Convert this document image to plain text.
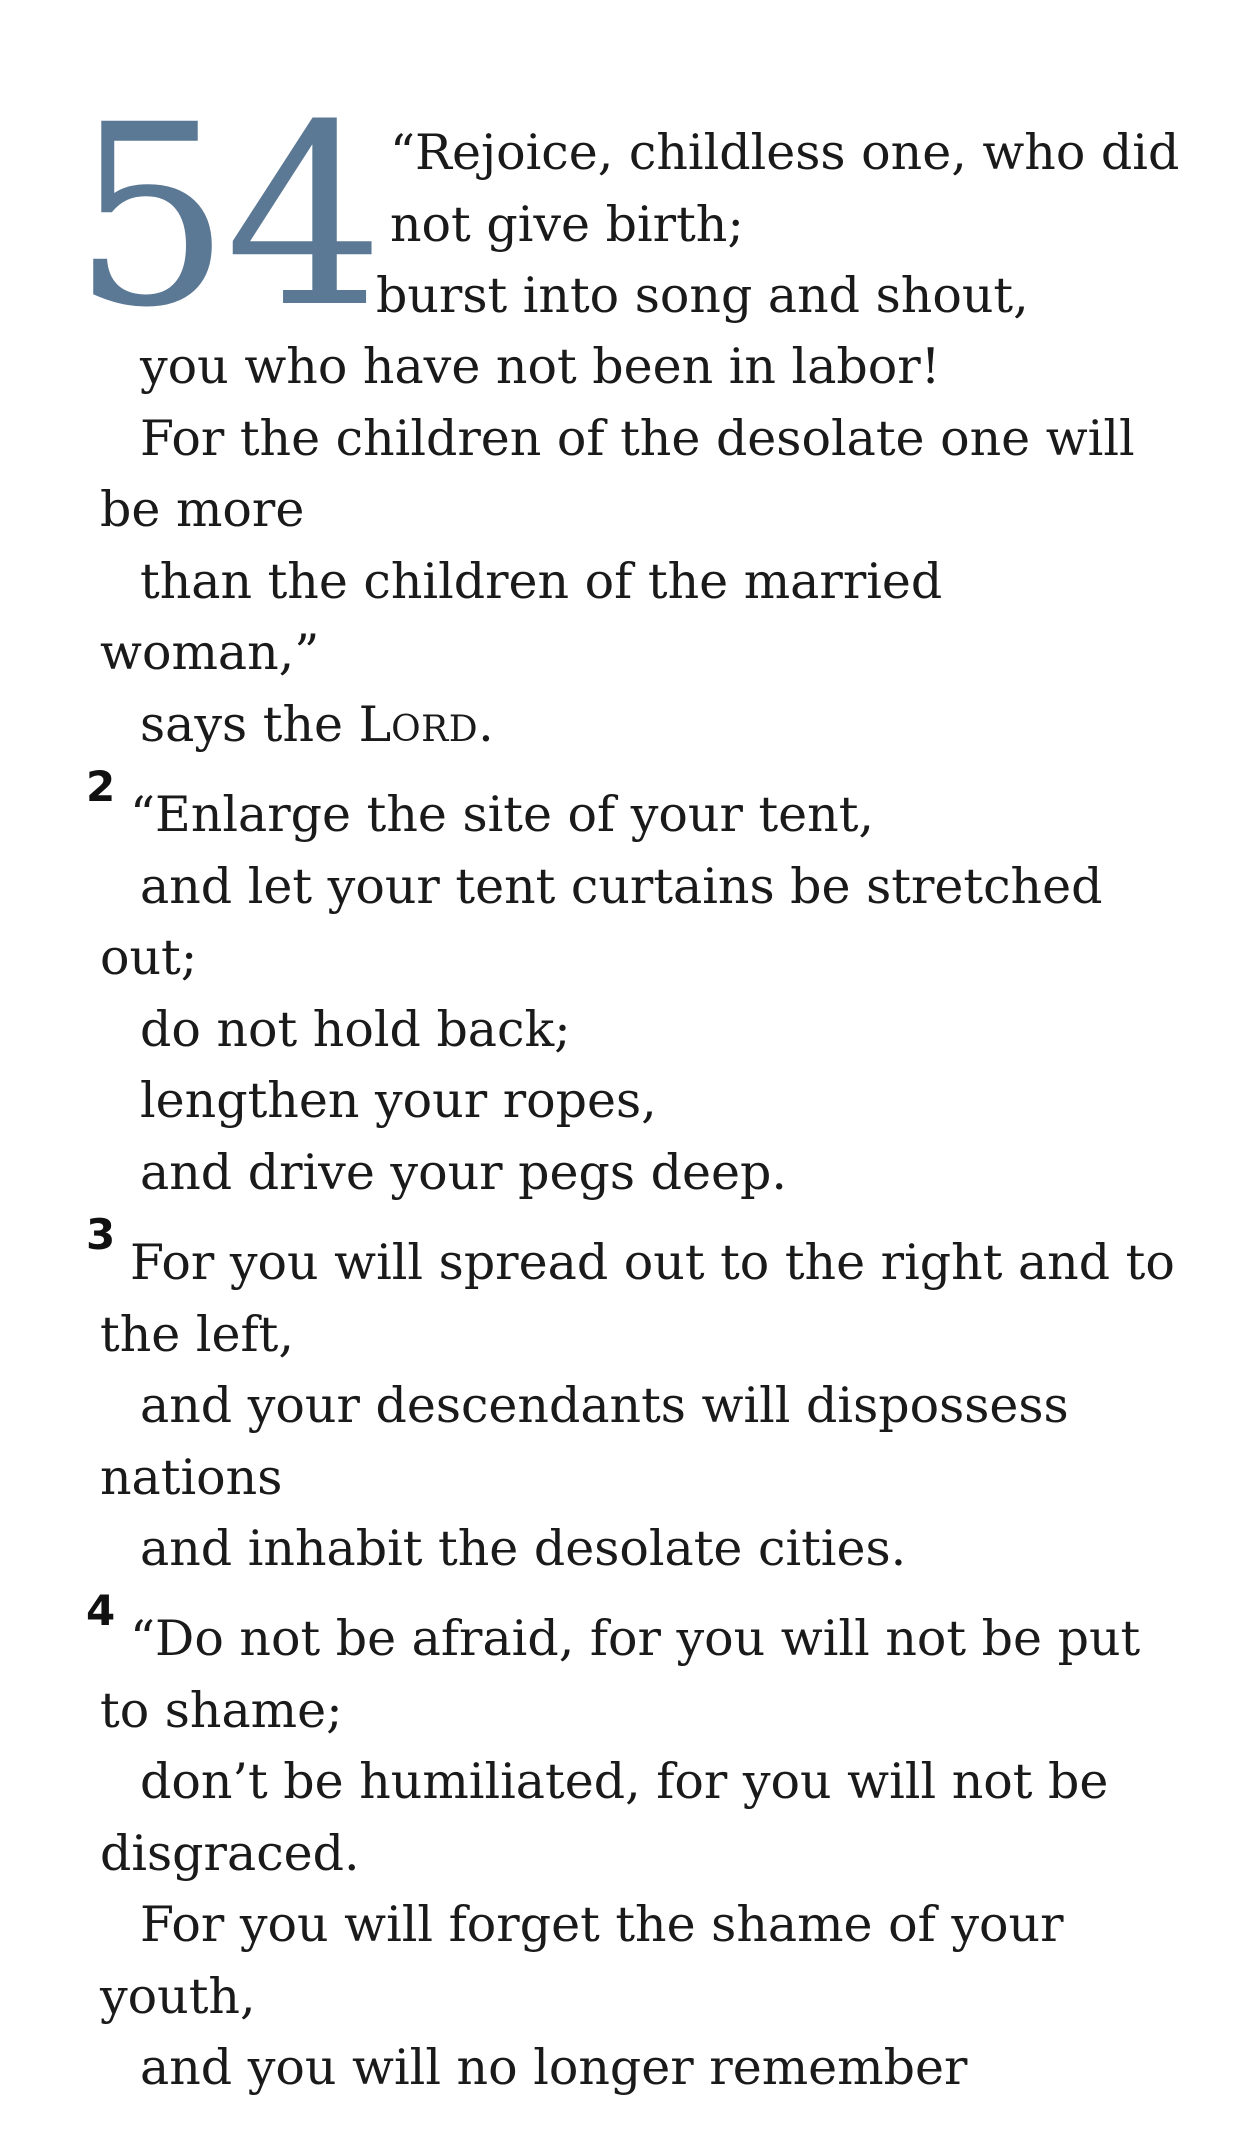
54 “Rejoice, childless one, who did
not give birth;
burst into song and shout,
you who have not been in labor!
For the children of the desolate one will
be more
than the children of the married
woman,”
says the LORD.
2 “Enlarge the site of your tent,
and let your tent curtains be stretched
out;
do not hold back;
lengthen your ropes,
and drive your pegs deep.
3 For you will spread out to the right and to
the left,
and your descendants will dispossess
nations
and inhabit the desolate cities.
4 “Do not be afraid, for you will not be put
to shame;
don’t be humiliated, for you will not be
disgraced.
For you will forget the shame of your
youth,
and you will no longer remember
